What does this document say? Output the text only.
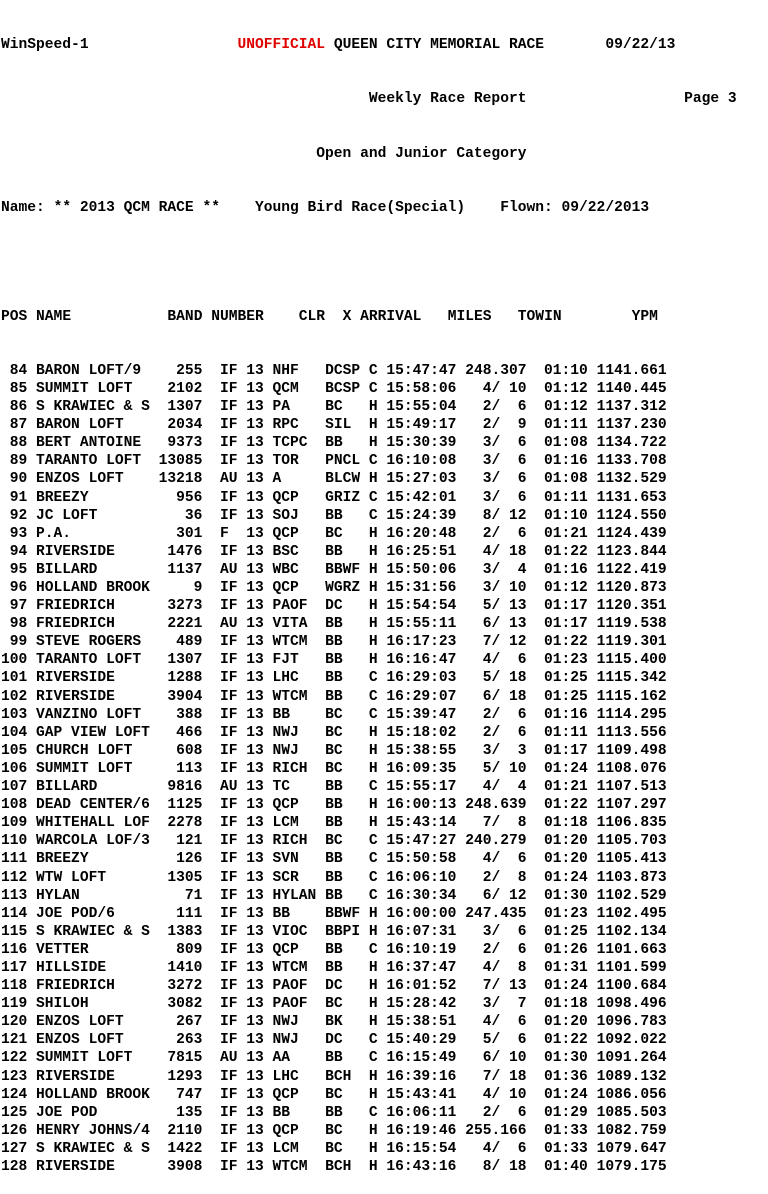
WinSpeed-1	UNOFFICIAL QUEEN CITY MEMORIAL RACE	09/22/13

Weekly Race Report	Page 3

Open and Junior Category

Name: ** 2013 QCM RACE ** Young Bird Race(Special) Flown: 09/22/2013

POS NAME	BAND NUMBER CLR X ARRIVAL MILES TOWIN	YPM

84 BARON LOFT/9    255  IF 13 NHF   DCSP C 15:47:47 248.307  01:10 1141.661
85 SUMMIT LOFT    2102  IF 13 QCM   BCSP C 15:58:06   4/ 10  01:12 1140.445
86 S KRAWIEC & S  1307  IF 13 PA    BC   H 15:55:04   2/  6  01:12 1137.312
87 BARON LOFT     2034  IF 13 RPC   SIL  H 15:49:17   2/  9  01:11 1137.230
88 BERT ANTOINE   9373  IF 13 TCPC  BB   H 15:30:39   3/  6  01:08 1134.722
89 TARANTO LOFT  13085  IF 13 TOR   PNCL C 16:10:08   3/  6  01:16 1133.708
90 ENZOS LOFT    13218  AU 13 A     BLCW H 15:27:03   3/  6  01:08 1132.529
91 BREEZY          956  IF 13 QCP   GRIZ C 15:42:01   3/  6  01:11 1131.653
92 JC LOFT          36  IF 13 SOJ   BB   C 15:24:39   8/ 12  01:10 1124.550
93 P.A.            301  F  13 QCP   BC   H 16:20:48   2/  6  01:21 1124.439
94 RIVERSIDE      1476  IF 13 BSC   BB   H 16:25:51   4/ 18  01:22 1123.844
95 BILLARD        1137  AU 13 WBC   BBWF H 15:50:06   3/  4  01:16 1122.419
96 HOLLAND BROOK     9  IF 13 QCP   WGRZ H 15:31:56   3/ 10  01:12 1120.873
97 FRIEDRICH      3273  IF 13 PAOF  DC   H 15:54:54   5/ 13  01:17 1120.351
98 FRIEDRICH      2221  AU 13 VITA  BB   H 15:55:11   6/ 13  01:17 1119.538
99 STEVE ROGERS    489  IF 13 WTCM  BB   H 16:17:23   7/ 12  01:22 1119.301
100 TARANTO LOFT   1307  IF 13 FJT   BB   H 16:16:47   4/  6  01:23 1115.400
101 RIVERSIDE      1288  IF 13 LHC   BB   C 16:29:03   5/ 18  01:25 1115.342
102 RIVERSIDE      3904  IF 13 WTCM  BB   C 16:29:07   6/ 18  01:25 1115.162
103 VANZINO LOFT    388  IF 13 BB    BC   C 15:39:47   2/  6  01:16 1114.295
104 GAP VIEW LOFT   466  IF 13 NWJ   BC   H 15:18:02   2/  6  01:11 1113.556
105 CHURCH LOFT     608  IF 13 NWJ   BC   H 15:38:55   3/  3  01:17 1109.498
106 SUMMIT LOFT     113  IF 13 RICH  BC   H 16:09:35   5/ 10  01:24 1108.076
107 BILLARD        9816  AU 13 TC    BB   C 15:55:17   4/  4  01:21 1107.513
108 DEAD CENTER/6  1125  IF 13 QCP   BB   H 16:00:13 248.639  01:22 1107.297
109 WHITEHALL LOF  2278  IF 13 LCM   BB   H 15:43:14   7/  8  01:18 1106.835
110 WARCOLA LOF/3   121  IF 13 RICH  BC   C 15:47:27 240.279  01:20 1105.703
111 BREEZY          126  IF 13 SVN   BB   C 15:50:58   4/  6  01:20 1105.413
112 WTW LOFT       1305  IF 13 SCR   BB   C 16:06:10   2/  8  01:24 1103.873
113 HYLAN            71  IF 13 HYLAN BB   C 16:30:34   6/ 12  01:30 1102.529
114 JOE POD/6       111  IF 13 BB    BBWF H 16:00:00 247.435  01:23 1102.495
115 S KRAWIEC & S  1383  IF 13 VIOC  BBPI H 16:07:31   3/  6  01:25 1102.134
116 VETTER          809  IF 13 QCP   BB   C 16:10:19   2/  6  01:26 1101.663
117 HILLSIDE       1410  IF 13 WTCM  BB   H 16:37:47   4/  8  01:31 1101.599
118 FRIEDRICH      3272  IF 13 PAOF  DC   H 16:01:52   7/ 13  01:24 1100.684
119 SHILOH         3082  IF 13 PAOF  BC   H 15:28:42   3/  7  01:18 1098.496
120 ENZOS LOFT      267  IF 13 NWJ   BK   H 15:38:51   4/  6  01:20 1096.783
121 ENZOS LOFT      263  IF 13 NWJ   DC   C 15:40:29   5/  6  01:22 1092.022
122 SUMMIT LOFT    7815  AU 13 AA    BB   C 16:15:49   6/ 10  01:30 1091.264
123 RIVERSIDE      1293  IF 13 LHC   BCH  H 16:39:16   7/ 18  01:36 1089.132
124 HOLLAND BROOK   747  IF 13 QCP   BC   H 15:43:41   4/ 10  01:24 1086.056
125 JOE POD         135  IF 13 BB    BB   C 16:06:11   2/  6  01:29 1085.503
126 HENRY JOHNS/4  2110  IF 13 QCP   BC   H 16:19:46 255.166  01:33 1082.759
127 S KRAWIEC & S  1422  IF 13 LCM   BC   H 16:15:54   4/  6  01:33 1079.647
128 RIVERSIDE      3908  IF 13 WTCM  BCH  H 16:43:16   8/ 18  01:40 1079.175
